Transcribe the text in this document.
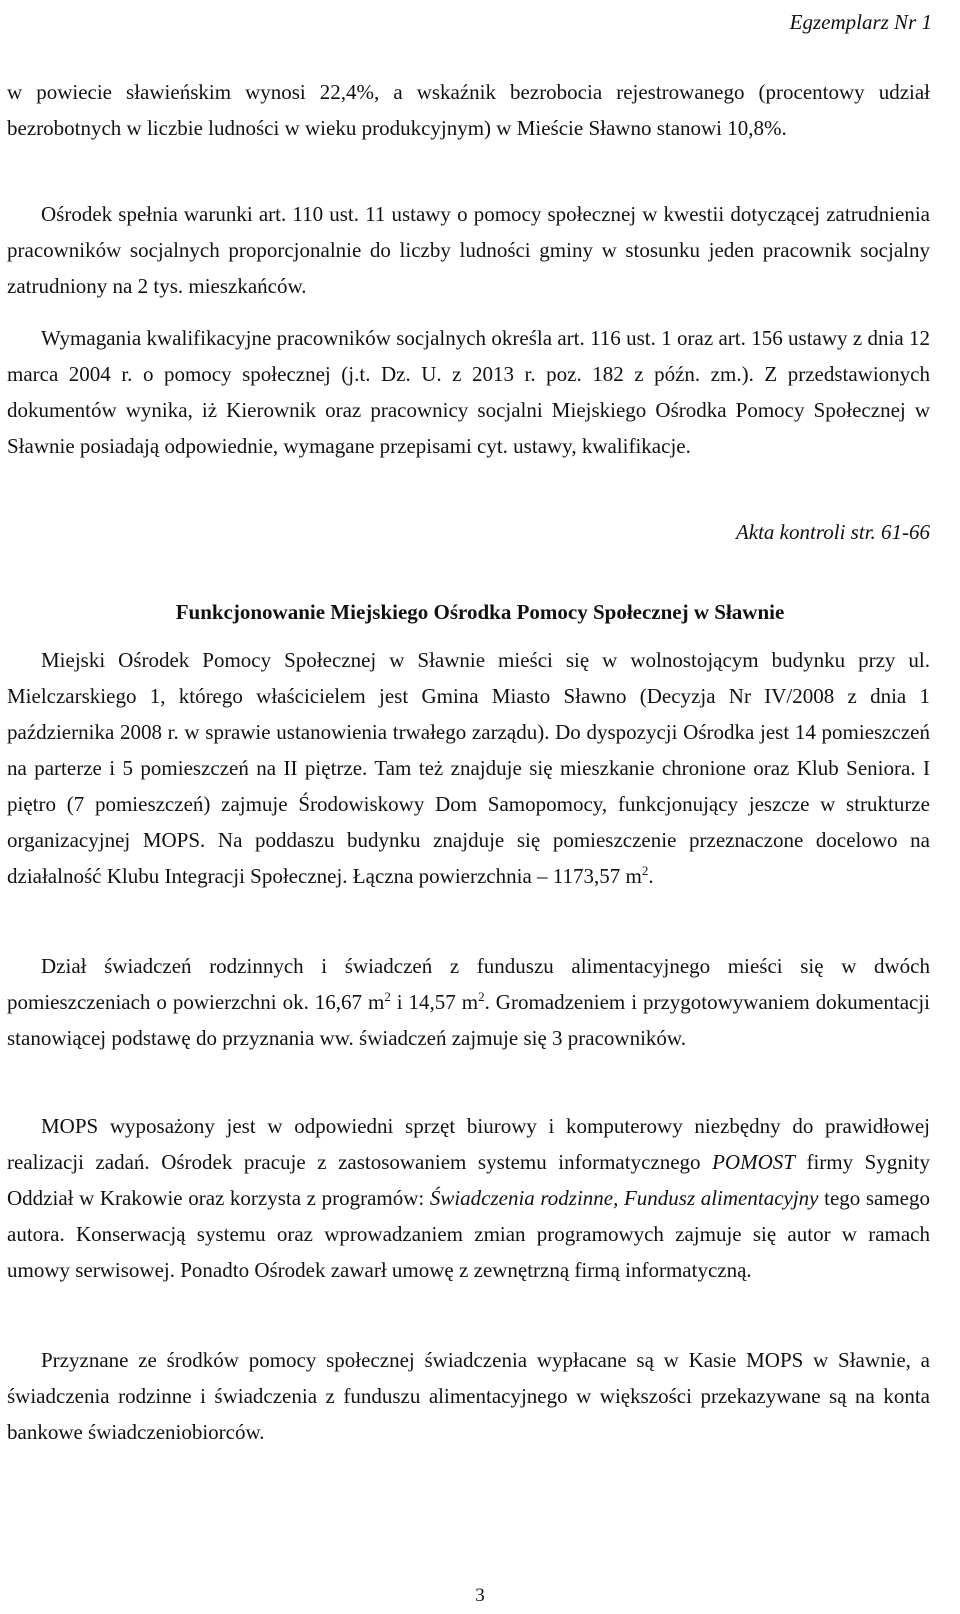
Egzemplarz Nr 1

w powiecie sławieńskim wynosi 22,4%, a wskaźnik bezrobocia rejestrowanego (procentowy udział bezrobotnych w liczbie ludności w wieku produkcyjnym) w Mieście Sławno stanowi 10,8%.

Ośrodek spełnia warunki art. 110 ust. 11 ustawy o pomocy społecznej w kwestii dotyczącej zatrudnienia pracowników socjalnych proporcjonalnie do liczby ludności gminy w stosunku jeden pracownik socjalny zatrudniony na 2 tys. mieszkańców.

Wymagania kwalifikacyjne pracowników socjalnych określa art. 116 ust. 1 oraz art. 156 ustawy z dnia 12 marca 2004 r. o pomocy społecznej (j.t. Dz. U. z 2013 r. poz. 182 z późn. zm.). Z przedstawionych dokumentów wynika, iż Kierownik oraz pracownicy socjalni Miejskiego Ośrodka Pomocy Społecznej w Sławnie posiadają odpowiednie, wymagane przepisami cyt. ustawy, kwalifikacje.

Akta kontroli str. 61-66
Funkcjonowanie Miejskiego Ośrodka Pomocy Społecznej w Sławnie

Miejski Ośrodek Pomocy Społecznej w Sławnie mieści się w wolnostojącym budynku przy ul. Mielczarskiego 1, którego właścicielem jest Gmina Miasto Sławno (Decyzja Nr IV/2008 z dnia 1 października 2008 r. w sprawie ustanowienia trwałego zarządu). Do dyspozycji Ośrodka jest 14 pomieszczeń na parterze i 5 pomieszczeń na II piętrze. Tam też znajduje się mieszkanie chronione oraz Klub Seniora. I piętro (7 pomieszczeń) zajmuje Środowiskowy Dom Samopomocy, funkcjonujący jeszcze w strukturze organizacyjnej MOPS. Na poddaszu budynku znajduje się pomieszczenie przeznaczone docelowo na działalność Klubu Integracji Społecznej. Łączna powierzchnia – 1173,57 $m^2$.

Dział świadczeń rodzinnych i świadczeń z funduszu alimentacyjnego mieści się w dwóch pomieszczeniach o powierzchni ok. 16,67 $m^2$ i 14,57 $m^2$. Gromadzeniem i przygotowywaniem dokumentacji stanowiącej podstawę do przyznania ww. świadczeń zajmuje się 3 pracowników.

MOPS wyposażony jest w odpowiedni sprzęt biurowy i komputerowy niezbędny do prawidłowej realizacji zadań. Ośrodek pracuje z zastosowaniem systemu informatycznego POMOST firmy Sygnity Oddział w Krakowie oraz korzysta z programów: Świadczenia rodzinne, Fundusz alimentacyjny tego samego autora. Konserwacją systemu oraz wprowadzaniem zmian programowych zajmuje się autor w ramach umowy serwisowej. Ponadto Ośrodek zawarł umowę z zewnętrzną firmą informatyczną.

Przyznane ze środków pomocy społecznej świadczenia wypłacane są w Kasie MOPS w Sławnie, a świadczenia rodzinne i świadczenia z funduszu alimentacyjnego w większości przekazywane są na konta bankowe świadczeniobiorców.

3
